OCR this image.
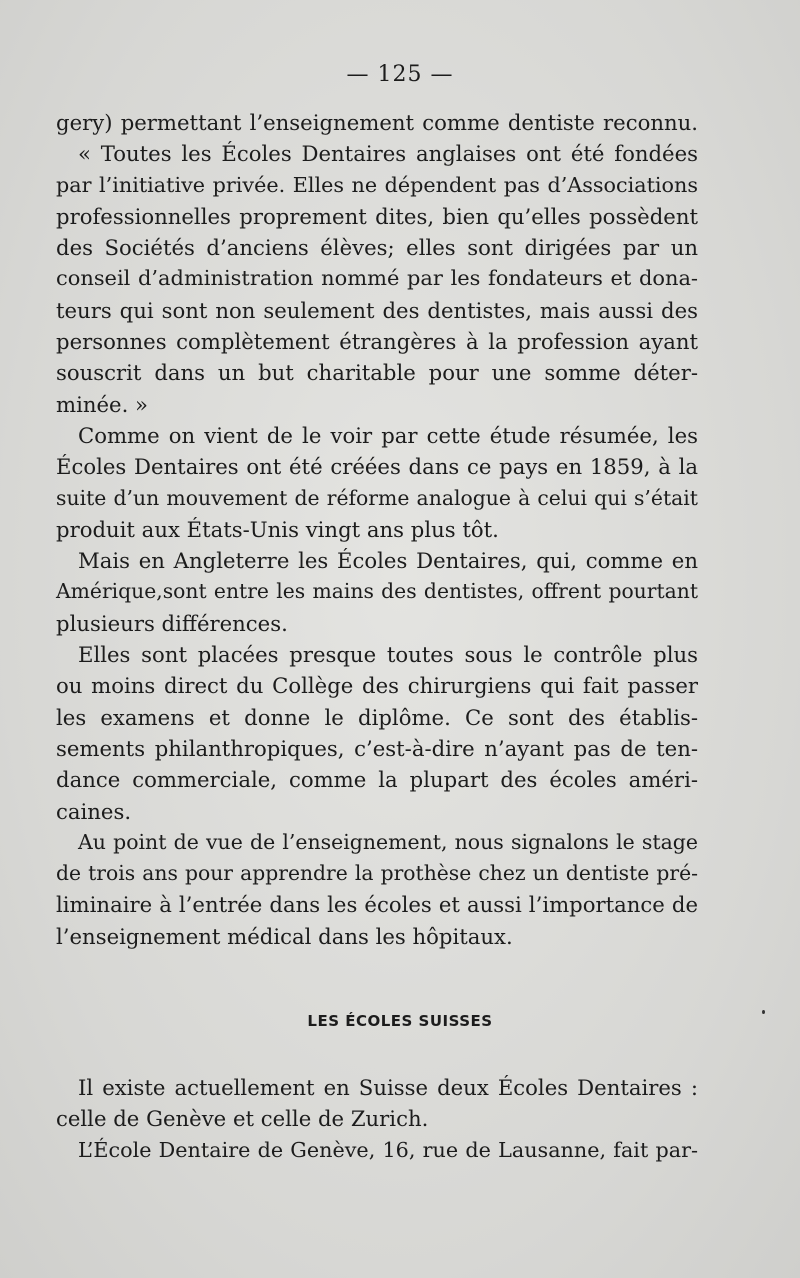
— 125 —
gery) permettant l’enseignement comme dentiste reconnu.
« Toutes les Écoles Dentaires anglaises ont été fondées
par l’initiative privée. Elles ne dépendent pas d’Associations
professionnelles proprement dites, bien qu’elles possèdent
des Sociétés d’anciens élèves; elles sont dirigées par un
conseil d’administration nommé par les fondateurs et dona-
teurs qui sont non seulement des dentistes, mais aussi des
personnes complètement étrangères à la profession ayant
souscrit dans un but charitable pour une somme déter-
minée. »
Comme on vient de le voir par cette étude résumée, les
Écoles Dentaires ont été créées dans ce pays en 1859, à la
suite d’un mouvement de réforme analogue à celui qui s’était
produit aux États-Unis vingt ans plus tôt.
Mais en Angleterre les Écoles Dentaires, qui, comme en
Amérique,sont entre les mains des dentistes, offrent pourtant
plusieurs différences.
Elles sont placées presque toutes sous le contrôle plus
ou moins direct du Collège des chirurgiens qui fait passer
les examens et donne le diplôme. Ce sont des établis-
sements philanthropiques, c’est-à-dire n’ayant pas de ten-
dance commerciale, comme la plupart des écoles améri-
caines.
Au point de vue de l’enseignement, nous signalons le stage
de trois ans pour apprendre la prothèse chez un dentiste pré-
liminaire à l’entrée dans les écoles et aussi l’importance de
l’enseignement médical dans les hôpitaux.
LES ÉCOLES SUISSES
Il existe actuellement en Suisse deux Écoles Dentaires :
celle de Genève et celle de Zurich.
L’École Dentaire de Genève, 16, rue de Lausanne, fait par-
